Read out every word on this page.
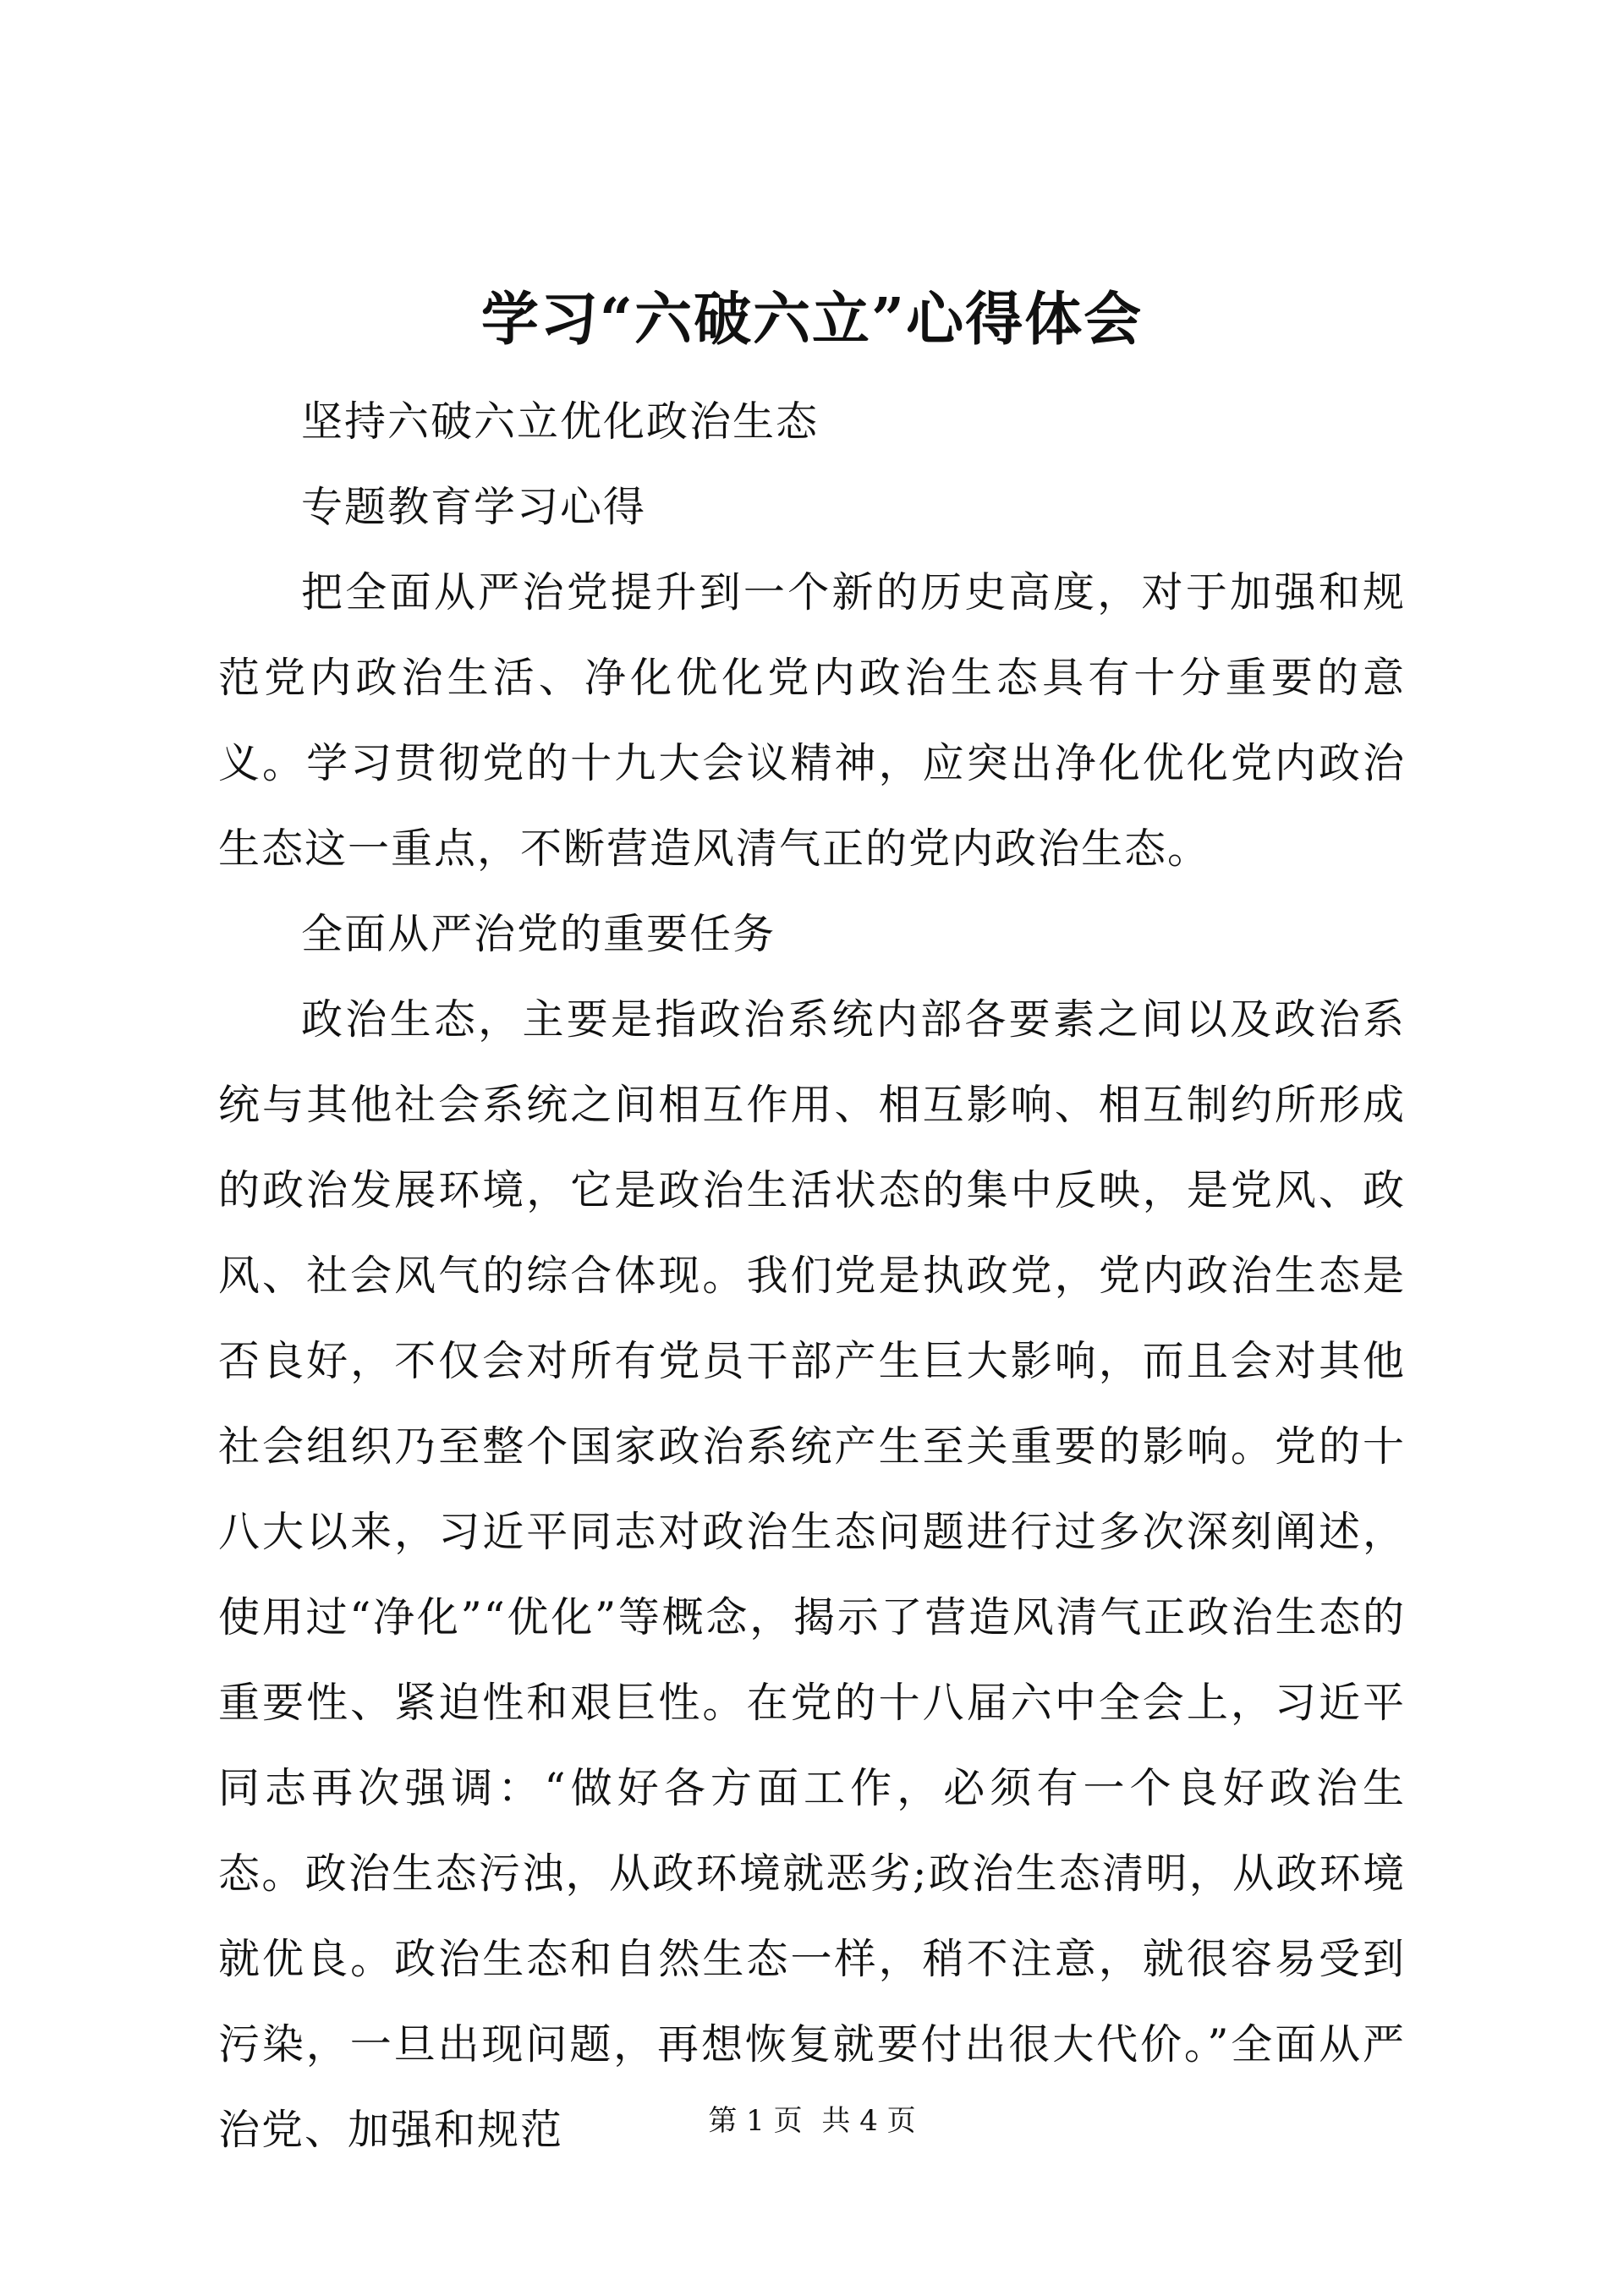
学习“六破六立”心得体会

坚持六破六立优化政治生态

专题教育学习心得

把全面从严治党提升到一个新的历史高度，对于加强和规范党内政治生活、净化优化党内政治生态具有十分重要的意义。学习贯彻党的十九大会议精神，应突出净化优化党内政治生态这一重点，不断营造风清气正的党内政治生态。

全面从严治党的重要任务

政治生态，主要是指政治系统内部各要素之间以及政治系统与其他社会系统之间相互作用、相互影响、相互制约所形成的政治发展环境，它是政治生活状态的集中反映，是党风、政风、社会风气的综合体现。我们党是执政党，党内政治生态是否良好，不仅会对所有党员干部产生巨大影响，而且会对其他社会组织乃至整个国家政治系统产生至关重要的影响。党的十八大以来，习近平同志对政治生态问题进行过多次深刻阐述，使用过“净化”“优化”等概念，揭示了营造风清气正政治生态的重要性、紧迫性和艰巨性。在党的十八届六中全会上，习近平同志再次强调：“做好各方面工作，必须有一个良好政治生态。政治生态污浊，从政环境就恶劣;政治生态清明，从政环境就优良。政治生态和自然生态一样，稍不注意，就很容易受到污染，一旦出现问题，再想恢复就要付出很大代价。”全面从严治党、加强和规范	第 1 页 共 4 页
